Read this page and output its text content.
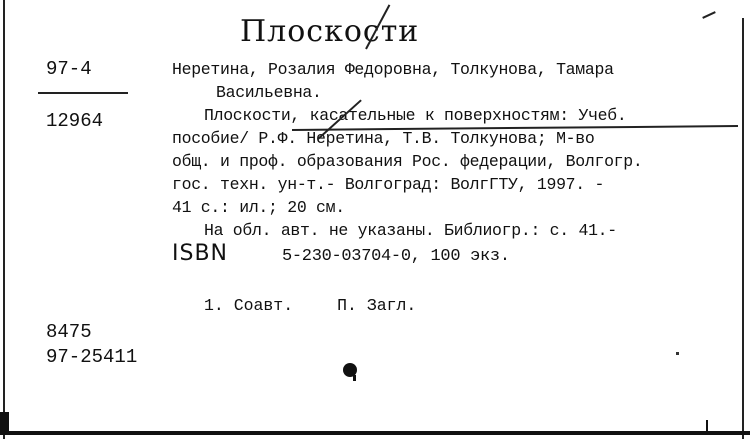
Плоскости
97-4
12964
Неретина, Розалия Федоровна, Толкунова, Тамара
Васильевна.
Плоскости, касательные к поверхностям: Учеб.
пособие/ Р.Ф. Неретина, Т.В. Толкунова; М-во
общ. и проф. образования Рос. федерации, Волгогр.
гос. техн. ун-т.- Волгоград: ВолгГТУ, 1997. -
41 с.: ил.; 20 см.
На обл. авт. не указаны. Библиогр.: с. 41.-
ISBN	5-230-03704-0, 100 экз.
1. Соавт.	П. Загл.
8475
97-25411
